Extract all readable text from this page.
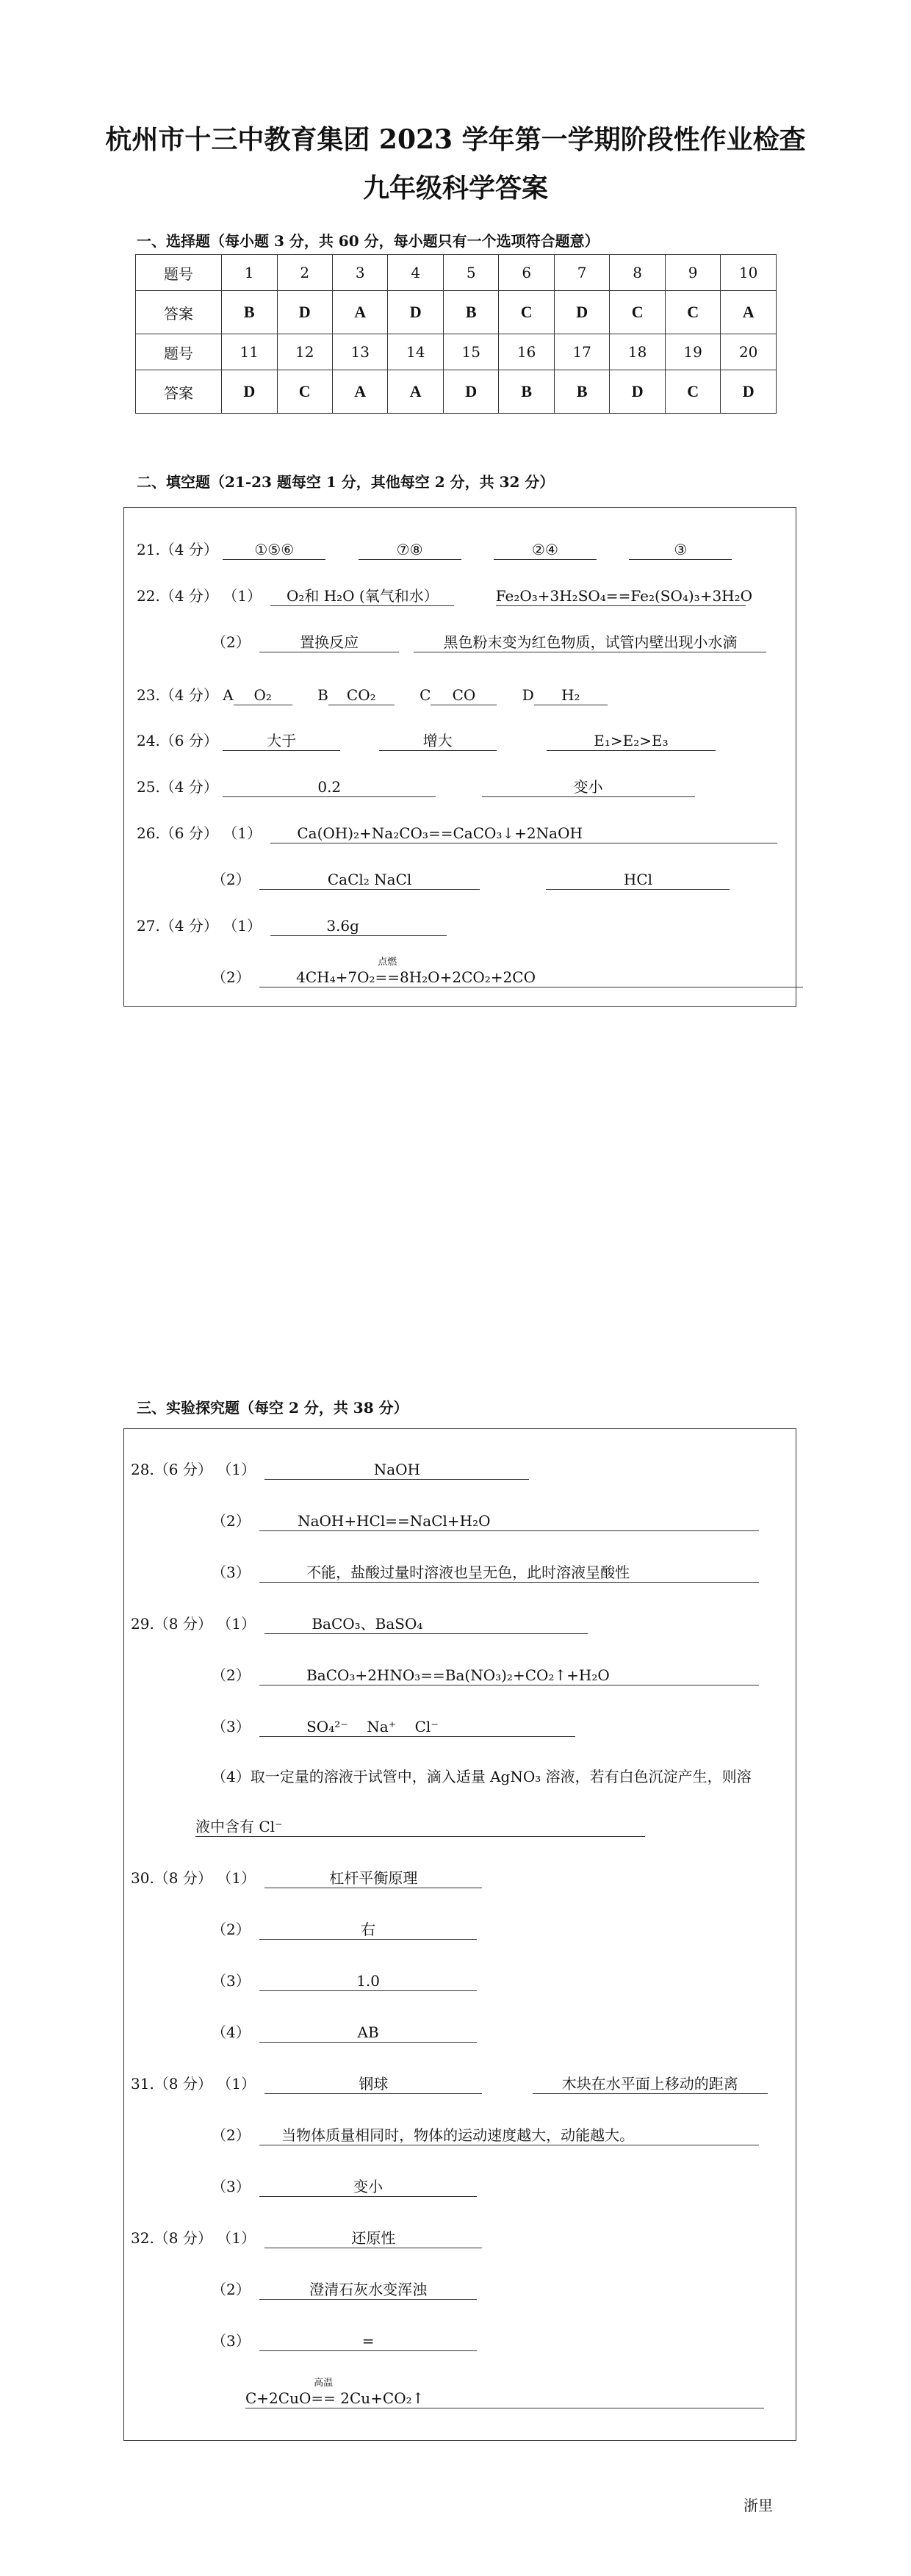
杭州市十三中教育集团 2023 学年第一学期阶段性作业检查
九年级科学答案
一、选择题（每小题 3 分，共 60 分，每小题只有一个选项符合题意）
题号	1	2	3	4	5	6	7	8	9	10
答案	B	D	A	D	B	C	D	C	C	A
题号	11	12	13	14	15	16	17	18	19	20
答案	D	C	A	A	D	B	B	D	C	D
二、填空题（21-23 题每空 1 分，其他每空 2 分，共 32 分）
21.（4 分） ①⑤⑥	⑦⑧	②④	③
22.（4 分） （1） O₂和 H₂O (氧气和水）	Fe₂O₃+3H₂SO₄==Fe₂(SO₄)₃+3H₂O
（2）	置换反应	黑色粉末变为红色物质，试管内壁出现小水滴
23.（4 分） A O₂	B CO₂	C CO	D H₂
24.（6 分）	大于	增大	E₁>E₂>E₃
25.（4 分）	0.2	变小
26.（6 分） （1） Ca(OH)₂+Na₂CO₃==CaCO₃↓+2NaOH
（2）	CaCl₂ NaCl	HCl
27.（4 分） （1）	3.6g
（2）	4CH₄+7O₂
点燃
==8H₂O+2CO₂+2CO
三、实验探究题（每空 2 分，共 38 分）
28.（6 分） （1）	NaOH
（2）	NaOH+HCl==NaCl+H₂O
（3）	不能，盐酸过量时溶液也呈无色，此时溶液呈酸性
29.（8 分） （1）	BaCO₃、BaSO₄
（2）	BaCO₃+2HNO₃==Ba(NO₃)₂+CO₂↑+H₂O
（3）	SO₄²⁻    Na⁺    Cl⁻
（4）取一定量的溶液于试管中，滴入适量 AgNO₃ 溶液，若有白色沉淀产生，则溶
液中含有 Cl⁻
30.（8 分） （1）	杠杆平衡原理
（2）	右
（3）	1.0
（4）	AB
31.（8 分） （1）	钢球	木块在水平面上移动的距离
（2） 当物体质量相同时，物体的运动速度越大，动能越大。
（3）	变小
32.（8 分） （1）	还原性
（2）	澄清石灰水变浑浊
（3）	=
C+2CuO
高温
== 2Cu+CO₂↑
浙里
